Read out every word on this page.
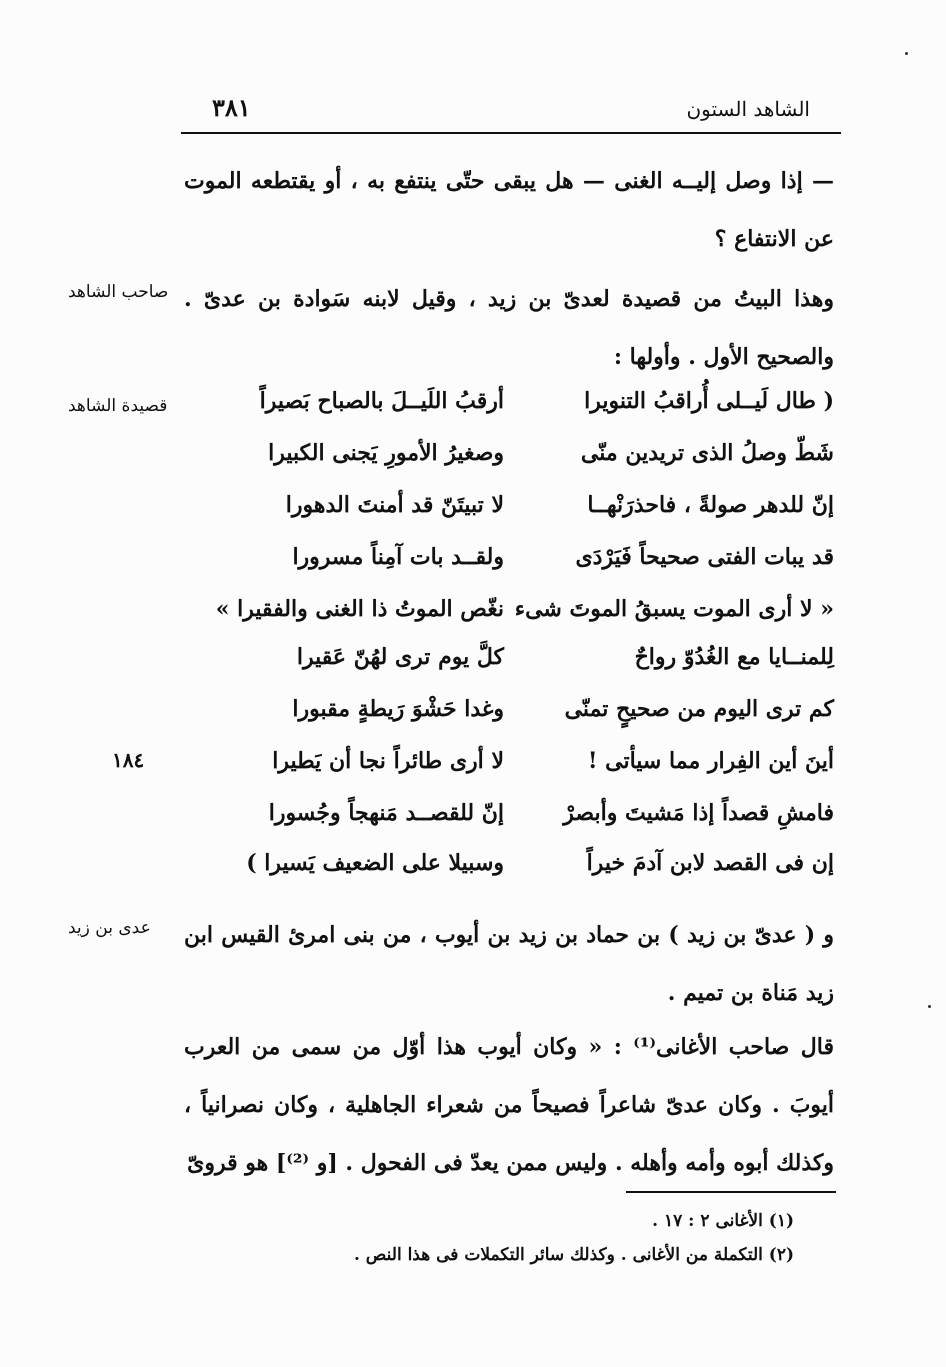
الشاهد الستون
٣٨١
— إذا وصل إليــه الغنى — هل يبقى حتّى ينتفع به ، أو يقتطعه الموت عن الانتفاع ؟
وهذا البيتُ من قصيدة لعدىّ بن زيد ، وقيل لابنه سَوادة بن عدىّ . والصحيح الأول . وأولها :
صاحب الشاهد
قصيدة الشاهد	( طال لَيــلى أُراقبُ التنويرا
أرقبُ اللَيــلَ بالصباح بَصيراً
شَطّ وصلُ الذى تريدين منّى
وصغيرُ الأمورِ يَجنى الكبيرا
إنّ للدهر صولةً ، فاحذرَنْهــا
لا تبيتَنّ قد أمنتَ الدهورا
قد يبات الفتى صحيحاً فَيَرْدَى
ولقــد بات آمِناً مسرورا
« لا أرى الموت يسبقُ الموتَ شىء
نغّص الموتُ ذا الغنى والفقيرا »
لِلمنــايا مع الغُدُوّ رواحٌ
كلَّ يوم ترى لهُنّ عَقيرا
كم ترى اليوم من صحيحٍ تمنّى
وغدا حَشْوَ رَيطةٍ مقبورا
أينَ أين الفِرار مما سيأتى !
لا أرى طائراً نجا أن يَطيرا
فامشِ قصداً إذا مَشيتَ وأبصرْ
إنّ للقصــد مَنهجاً وجُسورا
إن فى القصد لابن آدمَ خيراً
وسبيلا على الضعيف يَسيرا )
١٨٤
و ( عدىّ بن زيد ) بن حماد بن زيد بن أيوب ، من بنى امرئ القيس ابن زيد مَناة بن تميم .
عدى بن زيد
قال صاحب الأغانى⁽¹⁾ : « وكان أيوب هذا أوّل من سمى من العرب أيوبَ . وكان عدىّ شاعراً فصيحاً من شعراء الجاهلية ، وكان نصرانياً ، وكذلك أبوه وأمه وأهله . وليس ممن يعدّ فى الفحول . [و ⁽²⁾] هو قروىّ
(١) الأغانى ٢ : ١٧ .
(٢) التكملة من الأغانى . وكذلك سائر التكملات فى هذا النص .
